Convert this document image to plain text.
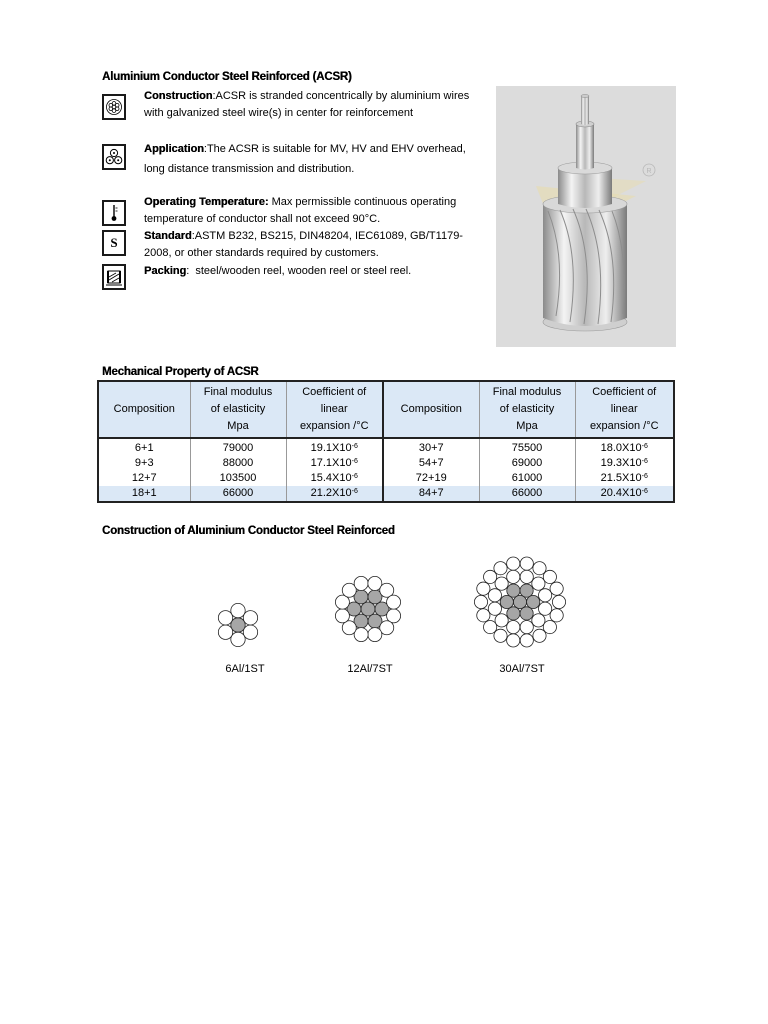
Aluminium Conductor Steel Reinforced (ACSR)
Construction:ACSR is stranded concentrically by aluminium wires
with galvanized steel wire(s) in center for reinforcement
Application:The ACSR is suitable for MV, HV and EHV overhead,
long distance transmission and distribution.
Operating Temperature: Max permissible continuous operating
temperature of conductor shall not exceed 90°C.
S	Standard:ASTM B232, BS215, DIN48204, IEC61089, GB/T1179-
2008, or other standards required by customers.
Packing: steel/wooden reel, wooden reel or steel reel.
R
Mechanical Property of ACSR
Composition	Final modulus
of elasticity
Mpa	Coefficient of
linear
expansion /°C	Composition	Final modulus
of elasticity
Mpa	Coefficient of
linear
expansion /°C
6+1	79000	$19.1X10^{-6}$	30+7	75500	$18.0X10^{-6}$
9+3	88000	$17.1X10^{-6}$	54+7	69000	$19.3X10^{-6}$
12+7	103500	$15.4X10^{-6}$	72+19	61000	$21.5X10^{-6}$
18+1	66000	$21.2X10^{-6}$	84+7	66000	$20.4X10^{-6}$
Construction of Aluminium Conductor Steel Reinforced
6Al/1ST	12Al/7ST	30Al/7ST
